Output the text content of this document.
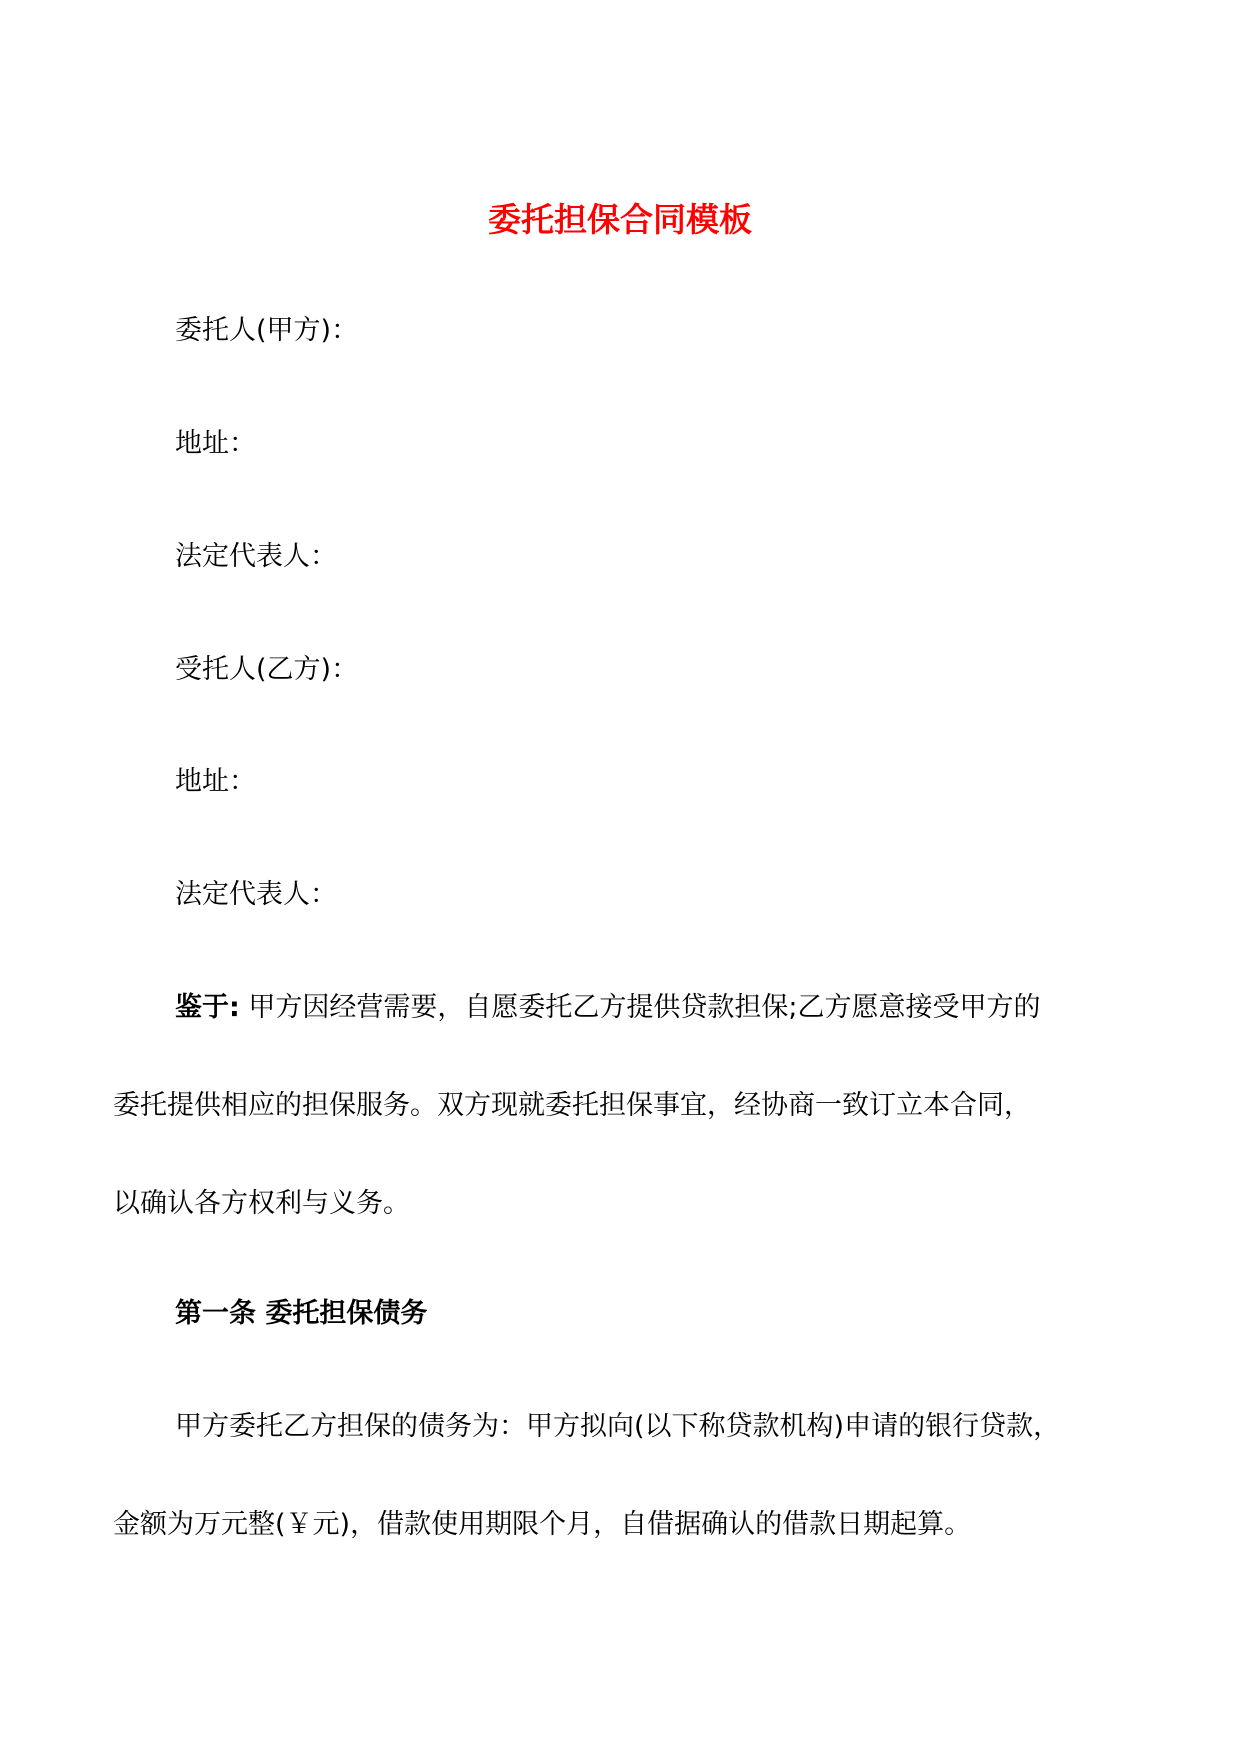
委托担保合同模板

委托人(甲方)：

地址：

法定代表人：

受托人(乙方)：

地址：

法定代表人：

鉴于: 甲方因经营需要，自愿委托乙方提供贷款担保;乙方愿意接受甲方的
委托提供相应的担保服务。双方现就委托担保事宜，经协商一致订立本合同，
以确认各方权利与义务。
第一条 委托担保债务
甲方委托乙方担保的债务为：甲方拟向(以下称贷款机构)申请的银行贷款，
金额为万元整(￥元)，借款使用期限个月，自借据确认的借款日期起算。
